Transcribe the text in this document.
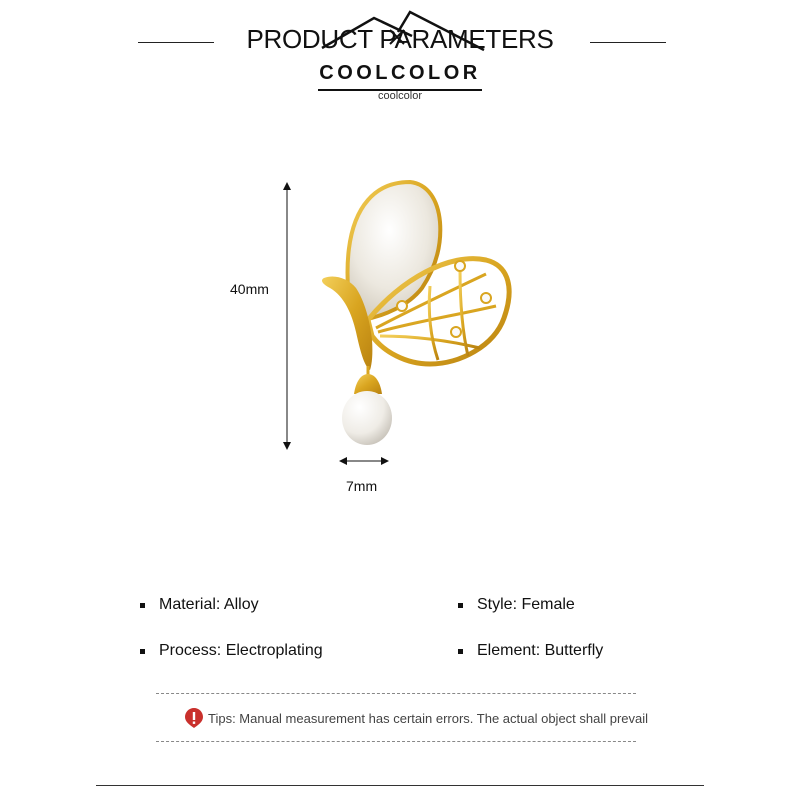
PRODUCT PARAMETERS
COOLCOLOR
coolcolor
40mm
7mm
Material: Alloy	Style: Female
Process: Electroplating	Element: Butterfly
Tips: Manual measurement has certain errors. The actual object shall prevail
